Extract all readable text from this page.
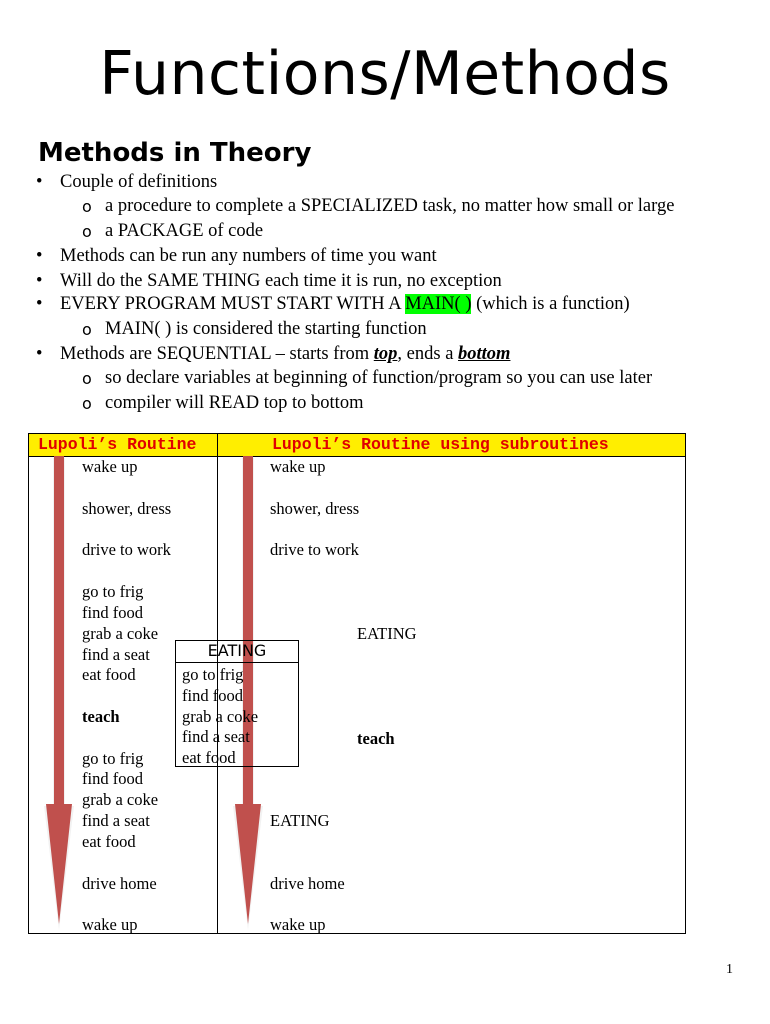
Functions/Methods
Methods in Theory
• Couple of definitions
o a procedure to complete a SPECIALIZED task, no matter how small or large
o a PACKAGE of code
• Methods can be run any numbers of time you want
• Will do the SAME THING each time it is run, no exception
• EVERY PROGRAM MUST START WITH A MAIN( ) (which is a function)
o MAIN( ) is considered the starting function
• Methods are SEQUENTIAL – starts from top, ends a bottom
o so declare variables at beginning of function/program so you can use later
o compiler will READ top to bottom
Lupoli’s Routine	Lupoli’s Routine using subroutines
wake up
shower, dress
drive to work
go to frig
find food
grab a coke
find a seat
eat food
teach
go to frig
find food
grab a coke
find a seat
eat food
drive home
wake up
wake up
shower, dress
drive to work
EATING
teach
EATING
drive home
wake up
EATING
go to frig
find food
grab a coke
find a seat
eat food
1
